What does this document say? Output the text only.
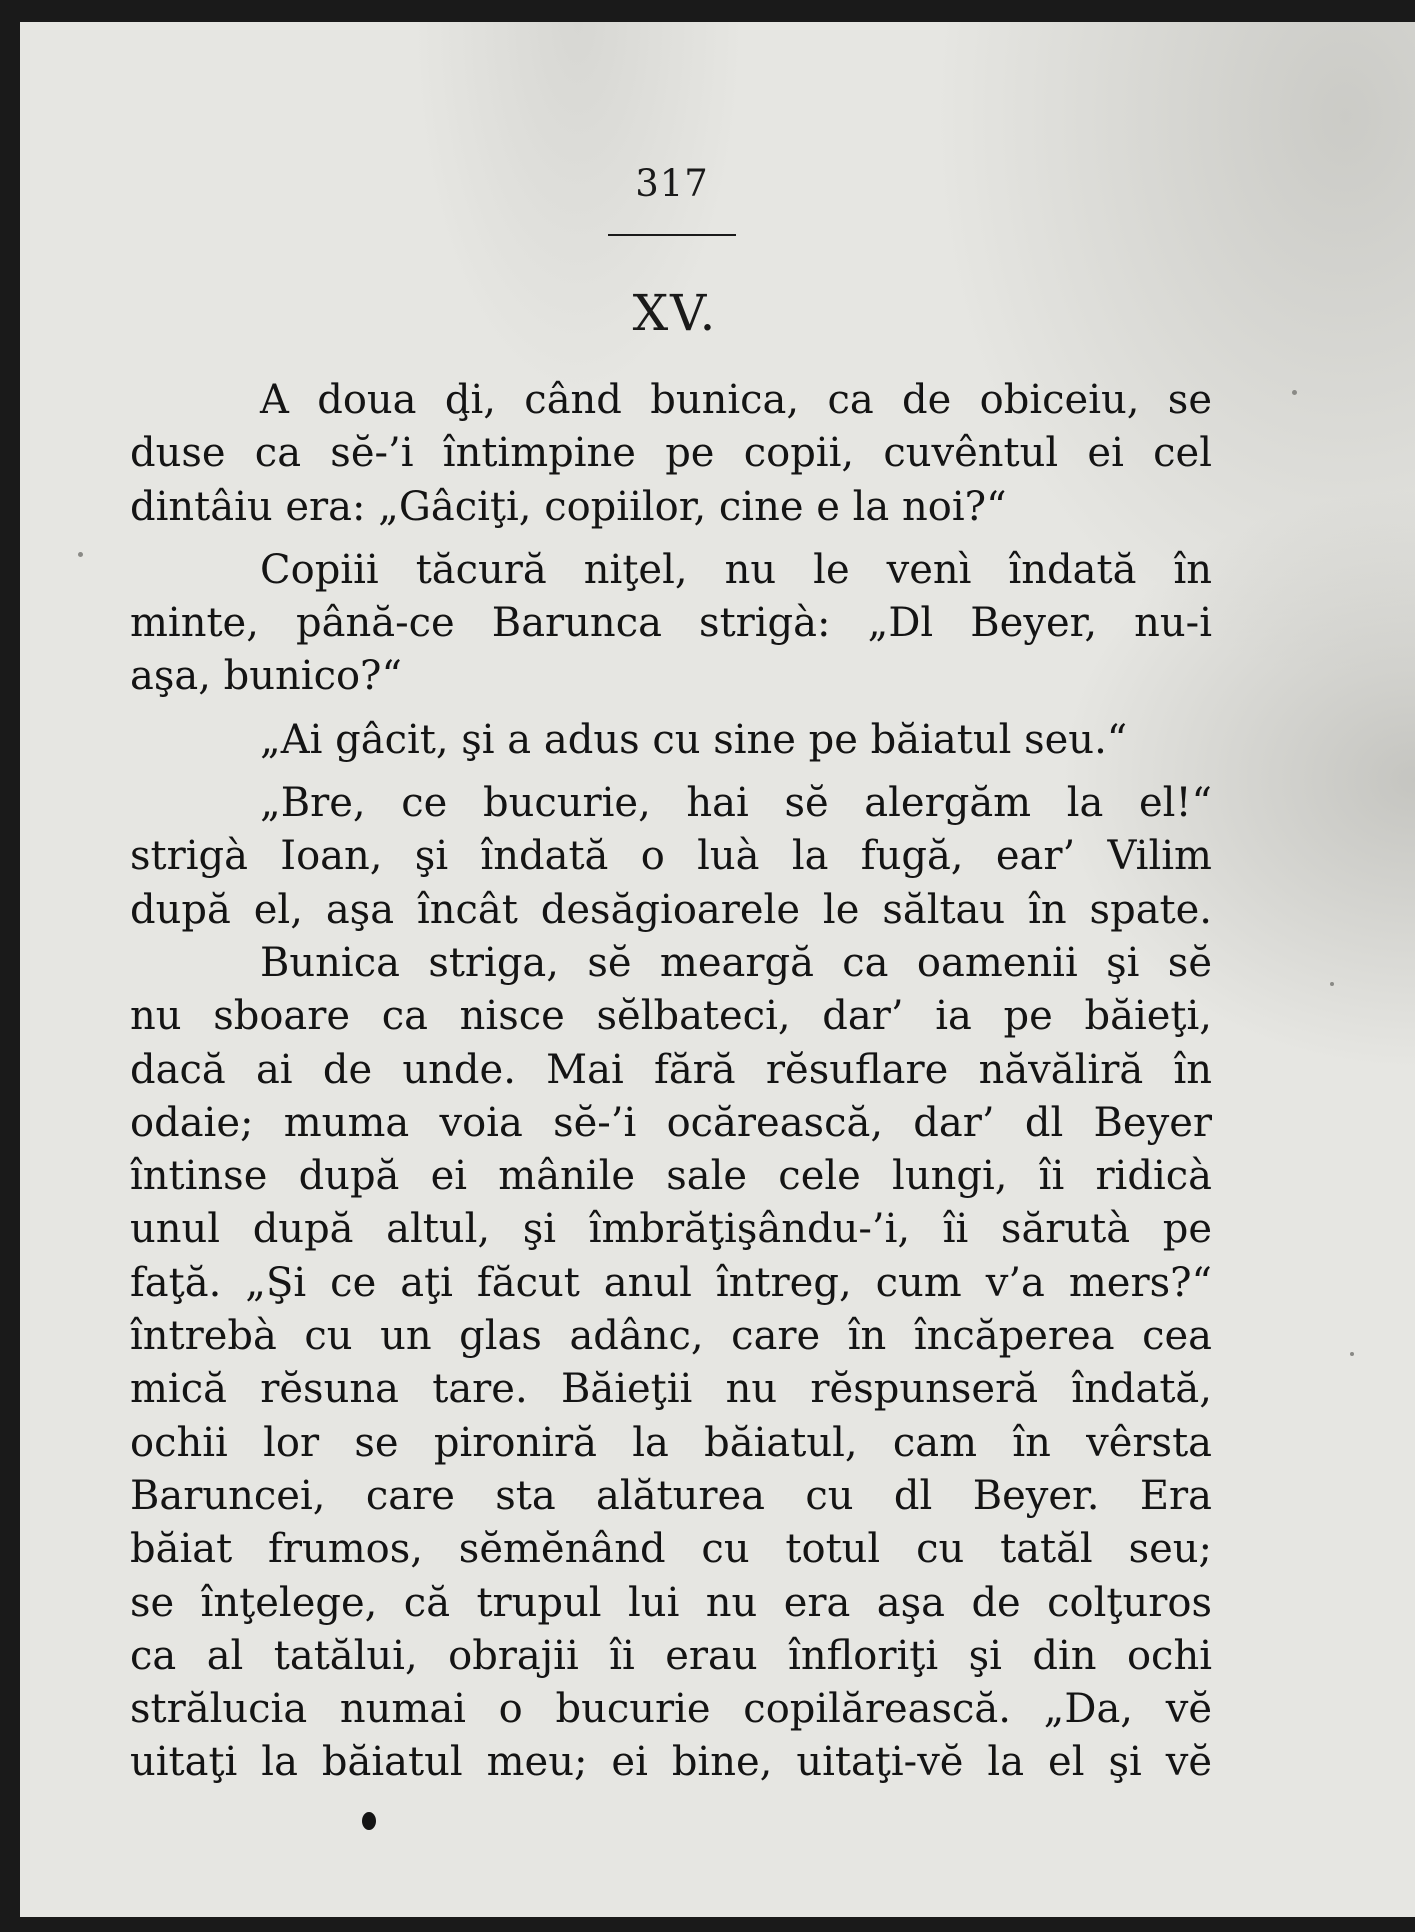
317
XV.
A doua ḑi, când bunica, ca de obiceiu, se
duse ca sĕ-’i întimpine pe copii, cuvêntul ei cel
dintâiu era: „Gâciţi, copiilor, cine e la noi?“
Copiii tăcură niţel, nu le venì îndată în
minte, până-ce Barunca strigà: „Dl Beyer, nu-i
aşa, bunico?“
„Ai gâcit, şi a adus cu sine pe băiatul seu.“
„Bre, ce bucurie, hai sĕ alergăm la el!“
strigà Ioan, şi îndată o luà la fugă, ear’ Vilim
după el, aşa încât desăgioarele le săltau în spate.
Bunica striga, sĕ meargă ca oamenii şi sĕ
nu sboare ca nisce sĕlbateci, dar’ ia pe băieţi,
dacă ai de unde. Mai fără rĕsuflare năvăliră în
odaie; muma voia sĕ-’i ocărească, dar’ dl Beyer
întinse după ei mânile sale cele lungi, îi ridicà
unul după altul, şi îmbrăţişându-’i, îi sărutà pe
faţă. „Şi ce aţi făcut anul întreg, cum v’a mers?“
întrebà cu un glas adânc, care în încăperea cea
mică rĕsuna tare. Băieţii nu rĕspunseră îndată,
ochii lor se pironiră la băiatul, cam în vêrsta
Baruncei, care sta alăturea cu dl Beyer. Era
băiat frumos, sĕmĕnând cu totul cu tatăl seu;
se înţelege, că trupul lui nu era aşa de colţuros
ca al tatălui, obrajii îi erau înfloriţi şi din ochi
strălucia numai o bucurie copilărească. „Da, vĕ
uitaţi la băiatul meu; ei bine, uitaţi-vĕ la el şi vĕ
